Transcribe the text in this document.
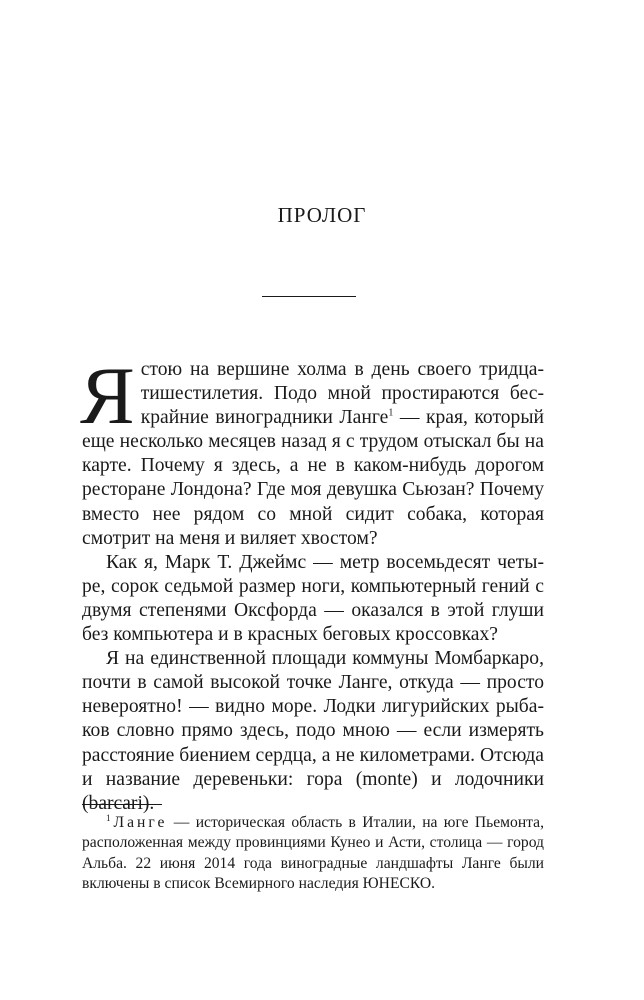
ПРОЛОГ

Ястою на вершине холма в день своего тридцатишестилетия. Подо мной простираются бескрайние виноградники Ланге$^1$ — края, который еще несколько месяцев назад я с трудом отыскал бы на карте. Почему я здесь, а не в каком-нибудь дорогом ресторане Лондона? Где моя девушка Сьюзан? Почему вместо нее рядом со мной сидит собака, которая смотрит на меня и виляет хвостом?

Как я, Марк Т. Джеймс — метр восемьдесят четыре, сорок седьмой размер ноги, компьютерный гений с двумя степенями Оксфорда — оказался в этой глуши без компьютера и в красных беговых кроссовках?

Я на единственной площади коммуны Момбаркаро, почти в самой высокой точке Ланге, откуда — просто невероятно! — видно море. Лодки лигурийских рыбаков словно прямо здесь, подо мною — если измерять расстояние биением сердца, а не километрами. Отсюда и название деревеньки: гора (monte) и лодочники (barcari).

$^1$ Ланге — историческая область в Италии, на юге Пьемонта, расположенная между провинциями Кунео и Асти, столица — город Альба. 22 июня 2014 года виноградные ландшафты Ланге были включены в список Всемирного наследия ЮНЕСКО.
